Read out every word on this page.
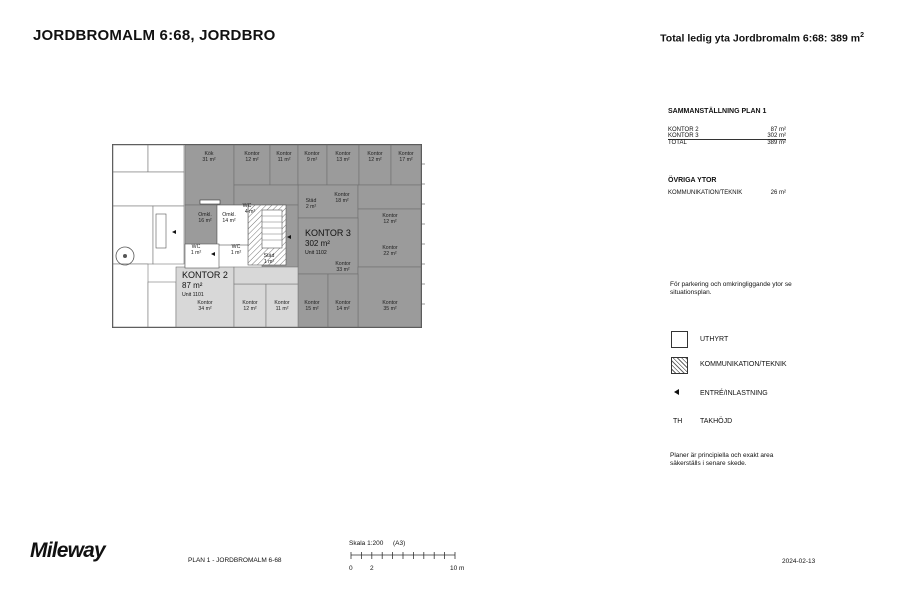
JORDBROMALM 6:68, JORDBRO	Total ledig yta Jordbromalm 6:68: 389 $m^2$
SAMMANSTÄLLNING PLAN 1
KONTOR 2	87 m²
KONTOR 3	302 m²
TOTAL	389 m²
ÖVRIGA YTOR
KOMMUNIKATION/TEKNIK	26 m²
För parkering och omkringliggande ytor se situationsplan.
UTHYRT
KOMMUNIKATION/TEKNIK
ENTRÉ/INLASTNING
TH	TAKHÖJD
Planer är principiella och exakt area säkerställs i senare skede.
Kök
31 m²
Kontor
12 m²
Kontor
11 m²
Kontor
9 m²
Kontor
13 m²
Kontor
12 m²
Kontor
17 m²
Kontor
18 m²
Kontor
12 m²
Kontor
22 m²
Kontor
33 m²
Kontor
35 m²
Kontor
15 m²
Kontor
14 m²
Kontor
11 m²
Kontor
12 m²
Kontor
34 m²
Omkl.
16 m²
Omkl.
14 m²
WC
4 m²
WC
1 m²
WC
1 m²
Städ
2 m²
Städ
1 m²
KONTOR 2
87 m²
Unit 1101
KONTOR 3
302 m²
Unit 1102
Mileway	PLAN 1 - JORDBROMALM 6-68
Skala 1:200 (A3)
0	2	10 m
2024-02-13
